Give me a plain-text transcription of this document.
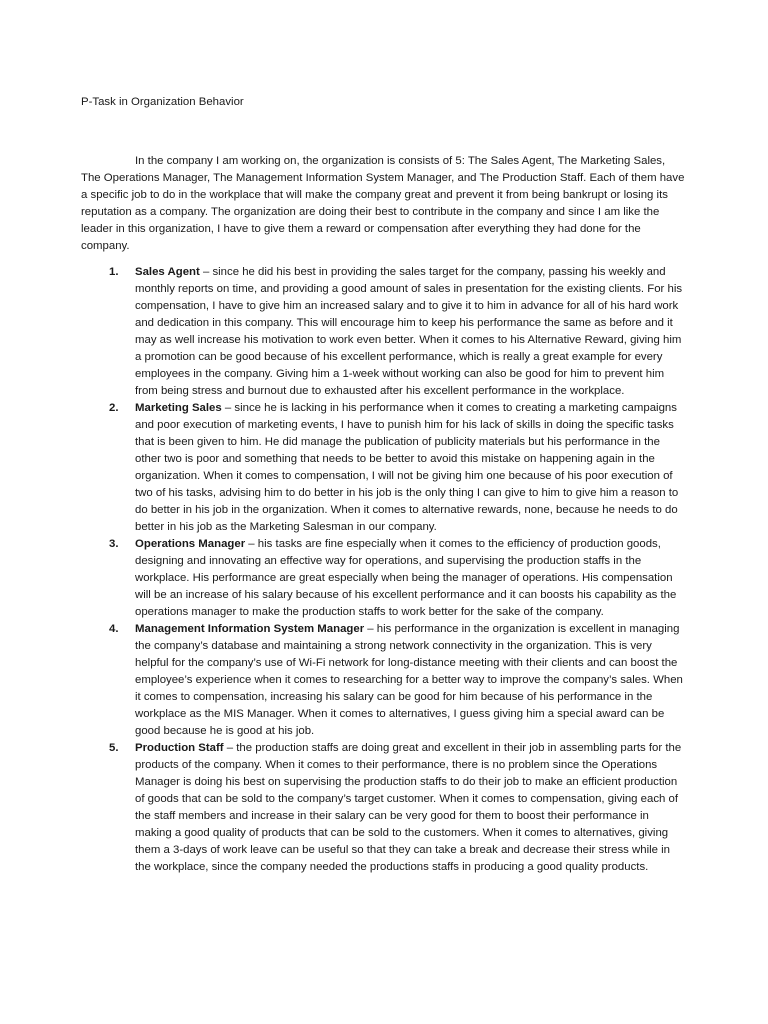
P-Task in Organization Behavior

In the company I am working on, the organization is consists of 5: The Sales Agent, The Marketing Sales, The Operations Manager, The Management Information System Manager, and The Production Staff. Each of them have a specific job to do in the workplace that will make the company great and prevent it from being bankrupt or losing its reputation as a company. The organization are doing their best to contribute in the company and since I am like the leader in this organization, I have to give them a reward or compensation after everything they had done for the company.

1. Sales Agent – since he did his best in providing the sales target for the company, passing his weekly and monthly reports on time, and providing a good amount of sales in presentation for the existing clients. For his compensation, I have to give him an increased salary and to give it to him in advance for all of his hard work and dedication in this company. This will encourage him to keep his performance the same as before and it may as well increase his motivation to work even better. When it comes to his Alternative Reward, giving him a promotion can be good because of his excellent performance, which is really a great example for every employees in the company. Giving him a 1-week without working can also be good for him to prevent him from being stress and burnout due to exhausted after his excellent performance in the workplace.
2. Marketing Sales – since he is lacking in his performance when it comes to creating a marketing campaigns and poor execution of marketing events, I have to punish him for his lack of skills in doing the specific tasks that is been given to him. He did manage the publication of publicity materials but his performance in the other two is poor and something that needs to be better to avoid this mistake on happening again in the organization. When it comes to compensation, I will not be giving him one because of his poor execution of two of his tasks, advising him to do better in his job is the only thing I can give to him to give him a reason to do better in his job in the organization. When it comes to alternative rewards, none, because he needs to do better in his job as the Marketing Salesman in our company.
3. Operations Manager – his tasks are fine especially when it comes to the efficiency of production goods, designing and innovating an effective way for operations, and supervising the production staffs in the workplace. His performance are great especially when being the manager of operations. His compensation will be an increase of his salary because of his excellent performance and it can boosts his capability as the operations manager to make the production staffs to work better for the sake of the company.
4. Management Information System Manager – his performance in the organization is excellent in managing the company’s database and maintaining a strong network connectivity in the organization. This is very helpful for the company’s use of Wi-Fi network for long-distance meeting with their clients and can boost the employee’s experience when it comes to researching for a better way to improve the company’s sales. When it comes to compensation, increasing his salary can be good for him because of his performance in the workplace as the MIS Manager. When it comes to alternatives, I guess giving him a special award can be good because he is good at his job.
5. Production Staff – the production staffs are doing great and excellent in their job in assembling parts for the products of the company. When it comes to their performance, there is no problem since the Operations Manager is doing his best on supervising the production staffs to do their job to make an efficient production of goods that can be sold to the company’s target customer. When it comes to compensation, giving each of the staff members and increase in their salary can be very good for them to boost their performance in making a good quality of products that can be sold to the customers. When it comes to alternatives, giving them a 3-days of work leave can be useful so that they can take a break and decrease their stress while in the workplace, since the company needed the productions staffs in producing a good quality products.
